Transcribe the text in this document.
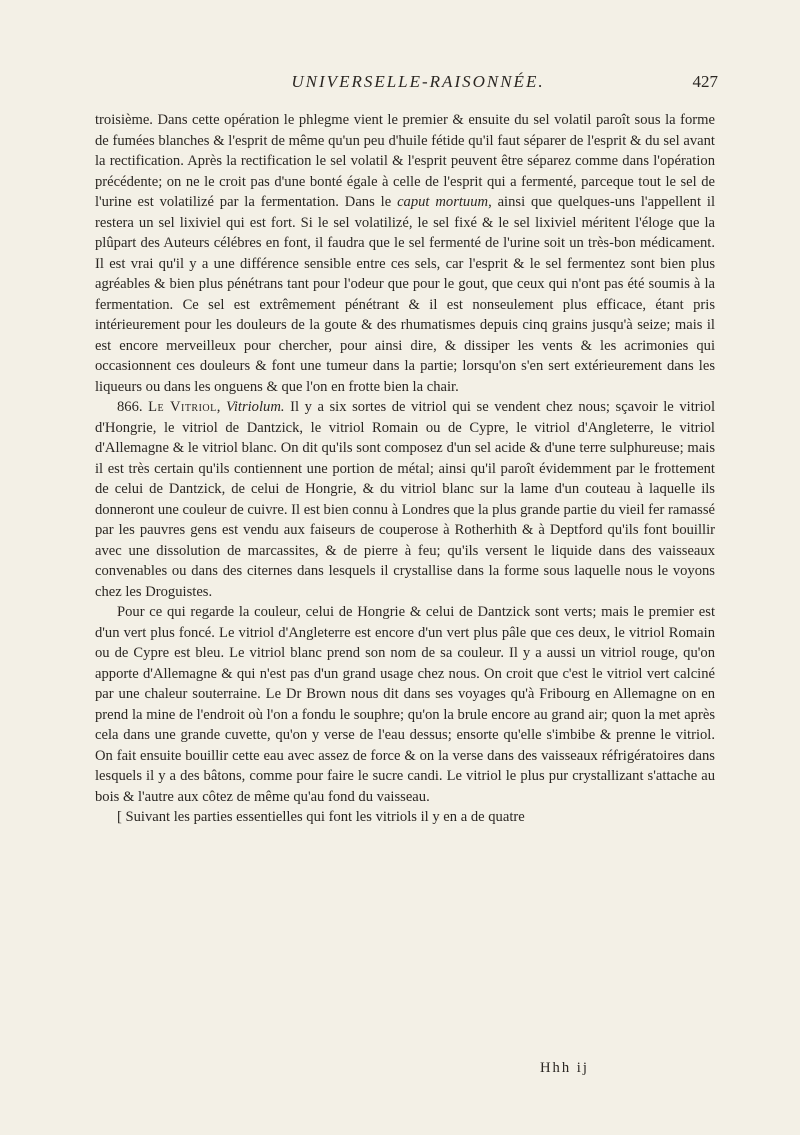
UNIVERSELLE-RAISONNÉE.	427

troisième. Dans cette opération le phlegme vient le premier & ensuite du sel volatil paroît sous la forme de fumées blanches & l'esprit de même qu'un peu d'huile fétide qu'il faut séparer de l'esprit & du sel avant la rectification. Après la rectification le sel volatil & l'esprit peuvent être séparez comme dans l'opération précédente; on ne le croit pas d'une bonté égale à celle de l'esprit qui a fermenté, parceque tout le sel de l'urine est volatilizé par la fermentation. Dans le caput mortuum, ainsi que quelques-uns l'appellent il restera un sel lixiviel qui est fort. Si le sel volatilizé, le sel fixé & le sel lixiviel méritent l'éloge que la plûpart des Auteurs célébres en font, il faudra que le sel fermenté de l'urine soit un très-bon médicament. Il est vrai qu'il y a une différence sensible entre ces sels, car l'esprit & le sel fermentez sont bien plus agréables & bien plus pénétrans tant pour l'odeur que pour le gout, que ceux qui n'ont pas été soumis à la fermentation. Ce sel est extrêmement pénétrant & il est nonseulement plus efficace, étant pris intérieurement pour les douleurs de la goute & des rhumatismes depuis cinq grains jusqu'à seize; mais il est encore merveilleux pour chercher, pour ainsi dire, & dissiper les vents & les acrimonies qui occasionnent ces douleurs & font une tumeur dans la partie; lorsqu'on s'en sert extérieurement dans les liqueurs ou dans les onguens & que l'on en frotte bien la chair.

866. Le Vitriol, Vitriolum. Il y a six sortes de vitriol qui se vendent chez nous; sçavoir le vitriol d'Hongrie, le vitriol de Dantzick, le vitriol Romain ou de Cypre, le vitriol d'Angleterre, le vitriol d'Allemagne & le vitriol blanc. On dit qu'ils sont composez d'un sel acide & d'une terre sulphureuse; mais il est très certain qu'ils contiennent une portion de métal; ainsi qu'il paroît évidemment par le frottement de celui de Dantzick, de celui de Hongrie, & du vitriol blanc sur la lame d'un couteau à laquelle ils donneront une couleur de cuivre. Il est bien connu à Londres que la plus grande partie du vieil fer ramassé par les pauvres gens est vendu aux faiseurs de couperose à Rotherhith & à Deptford qu'ils font bouillir avec une dissolution de marcassites, & de pierre à feu; qu'ils versent le liquide dans des vaisseaux convenables ou dans des citernes dans lesquels il crystallise dans la forme sous laquelle nous le voyons chez les Droguistes.

Pour ce qui regarde la couleur, celui de Hongrie & celui de Dantzick sont verts; mais le premier est d'un vert plus foncé. Le vitriol d'Angleterre est encore d'un vert plus pâle que ces deux, le vitriol Romain ou de Cypre est bleu. Le vitriol blanc prend son nom de sa couleur. Il y a aussi un vitriol rouge, qu'on apporte d'Allemagne & qui n'est pas d'un grand usage chez nous. On croit que c'est le vitriol vert calciné par une chaleur souterraine. Le Dr Brown nous dit dans ses voyages qu'à Fribourg en Allemagne on en prend la mine de l'endroit où l'on a fondu le souphre; qu'on la brule encore au grand air; quon la met après cela dans une grande cuvette, qu'on y verse de l'eau dessus; ensorte qu'elle s'imbibe & prenne le vitriol. On fait ensuite bouillir cette eau avec assez de force & on la verse dans des vaisseaux réfrigératoires dans lesquels il y a des bâtons, comme pour faire le sucre candi. Le vitriol le plus pur crystallizant s'attache au bois & l'autre aux côtez de même qu'au fond du vaisseau.

[ Suivant les parties essentielles qui font les vitriols il y en a de quatre

Hhh ij
